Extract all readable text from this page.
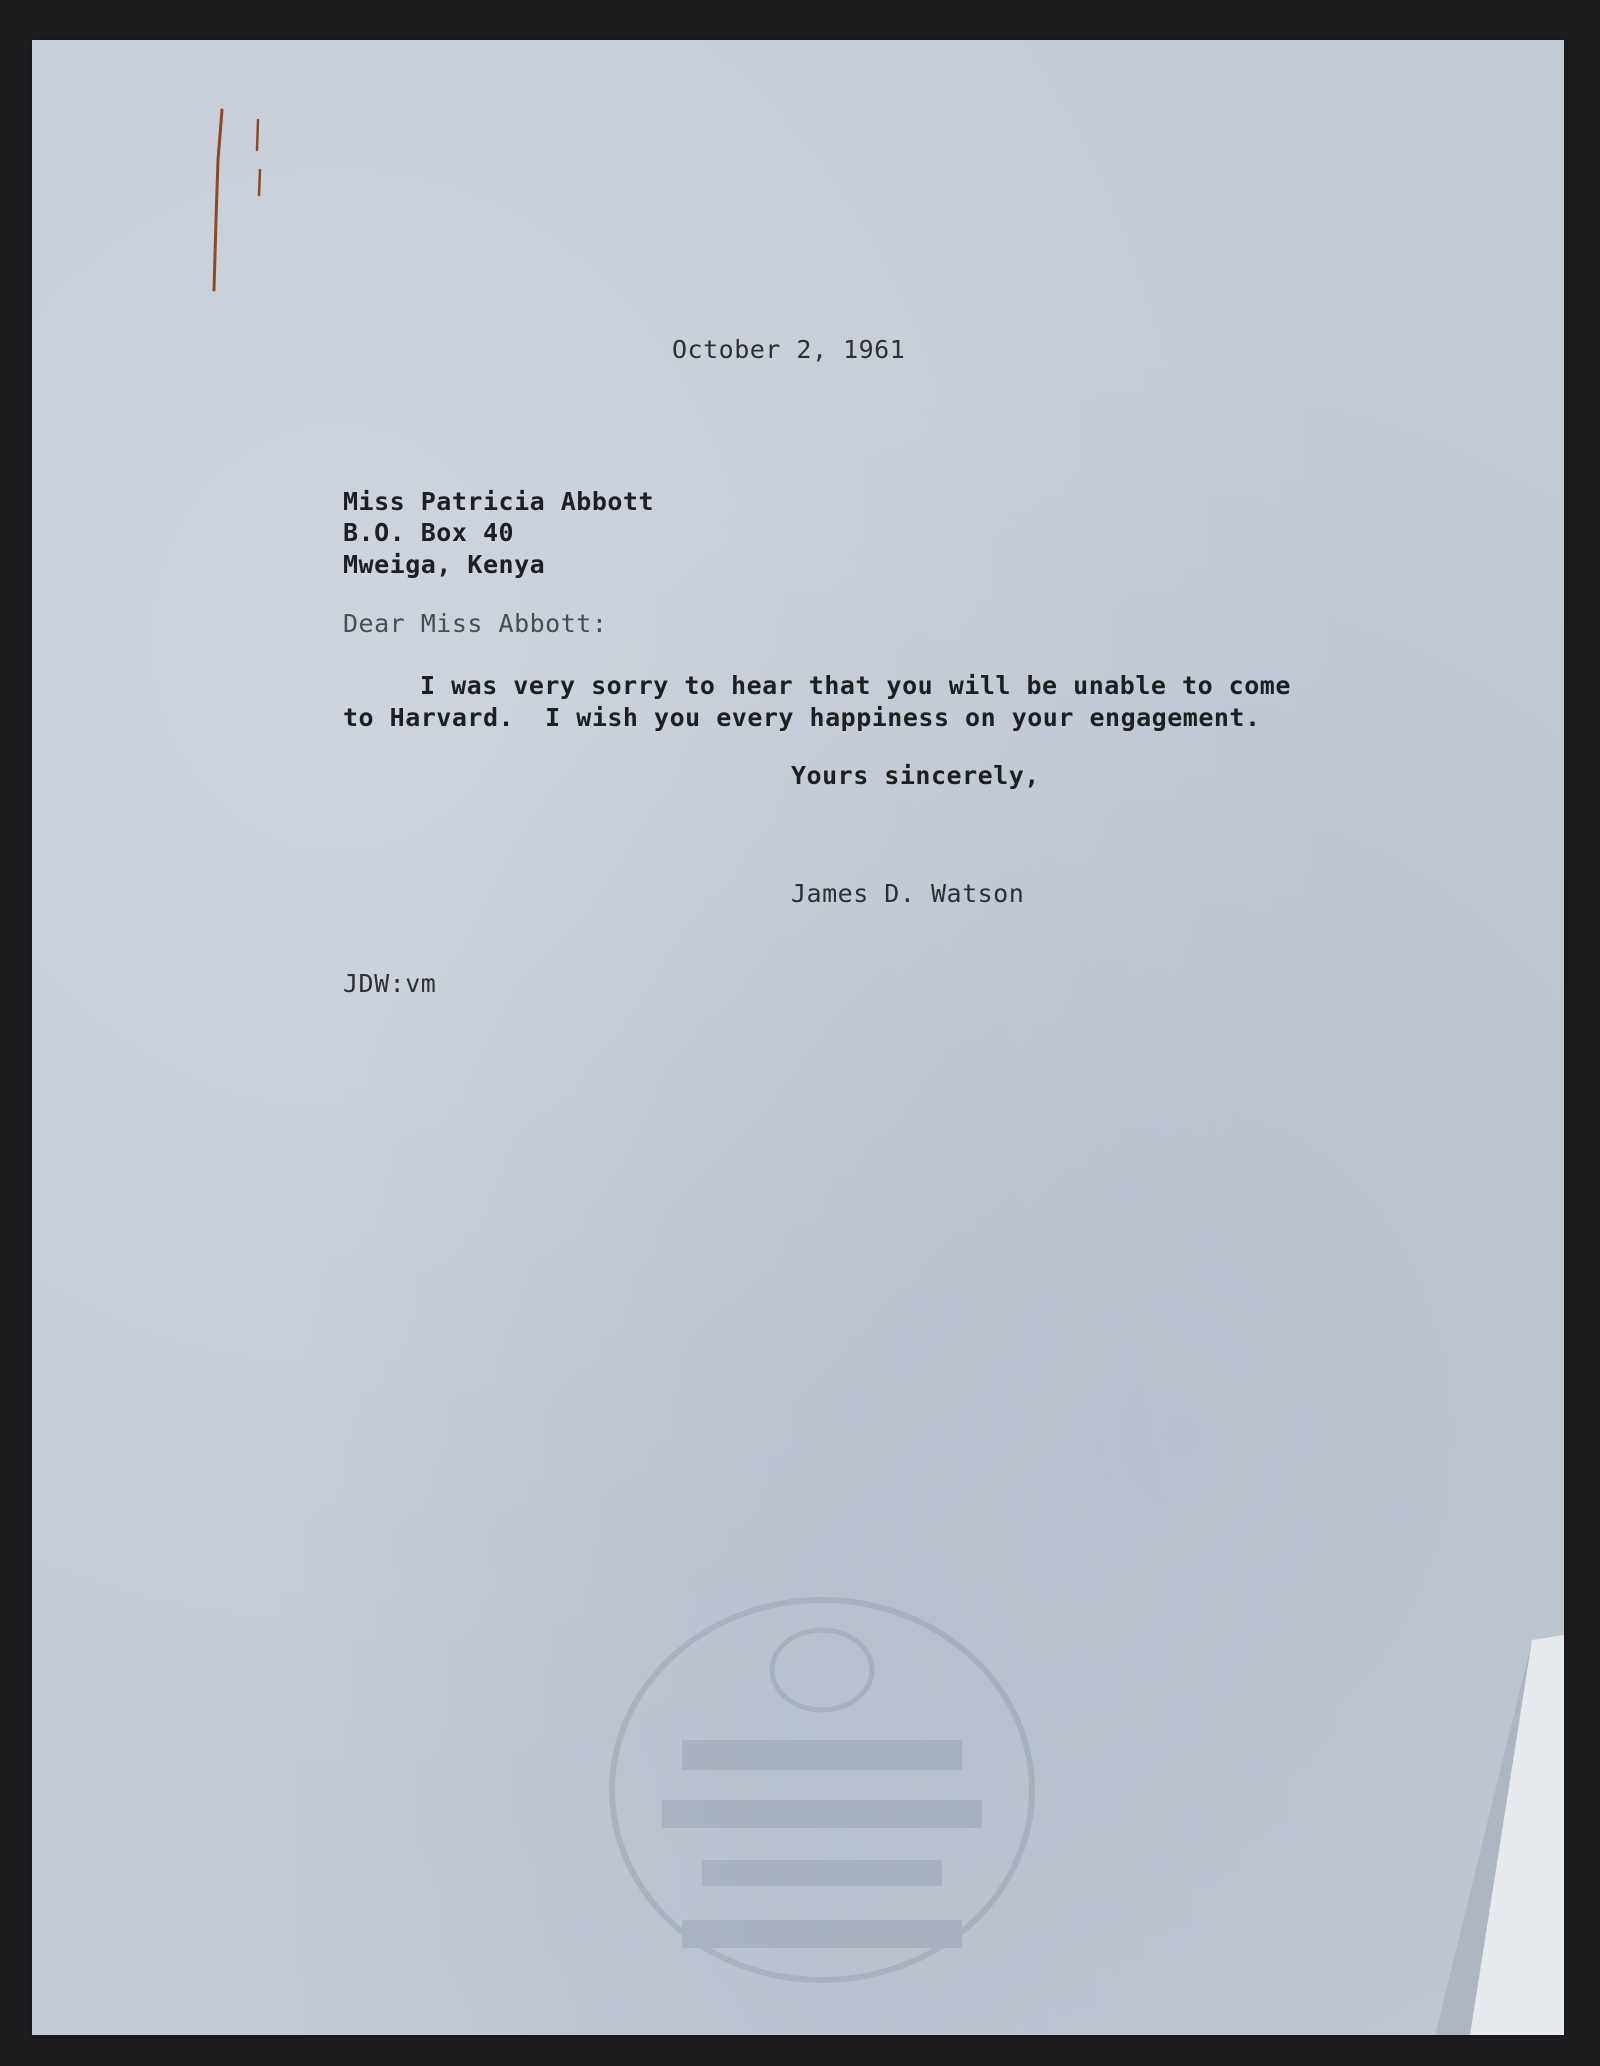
October 2, 1961
Miss Patricia Abbott
B.O. Box 40
Mweiga, Kenya
Dear Miss Abbott:
I was very sorry to hear that you will be unable to come
to Harvard.  I wish you every happiness on your engagement.
Yours sincerely,
James D. Watson
JDW:vm
